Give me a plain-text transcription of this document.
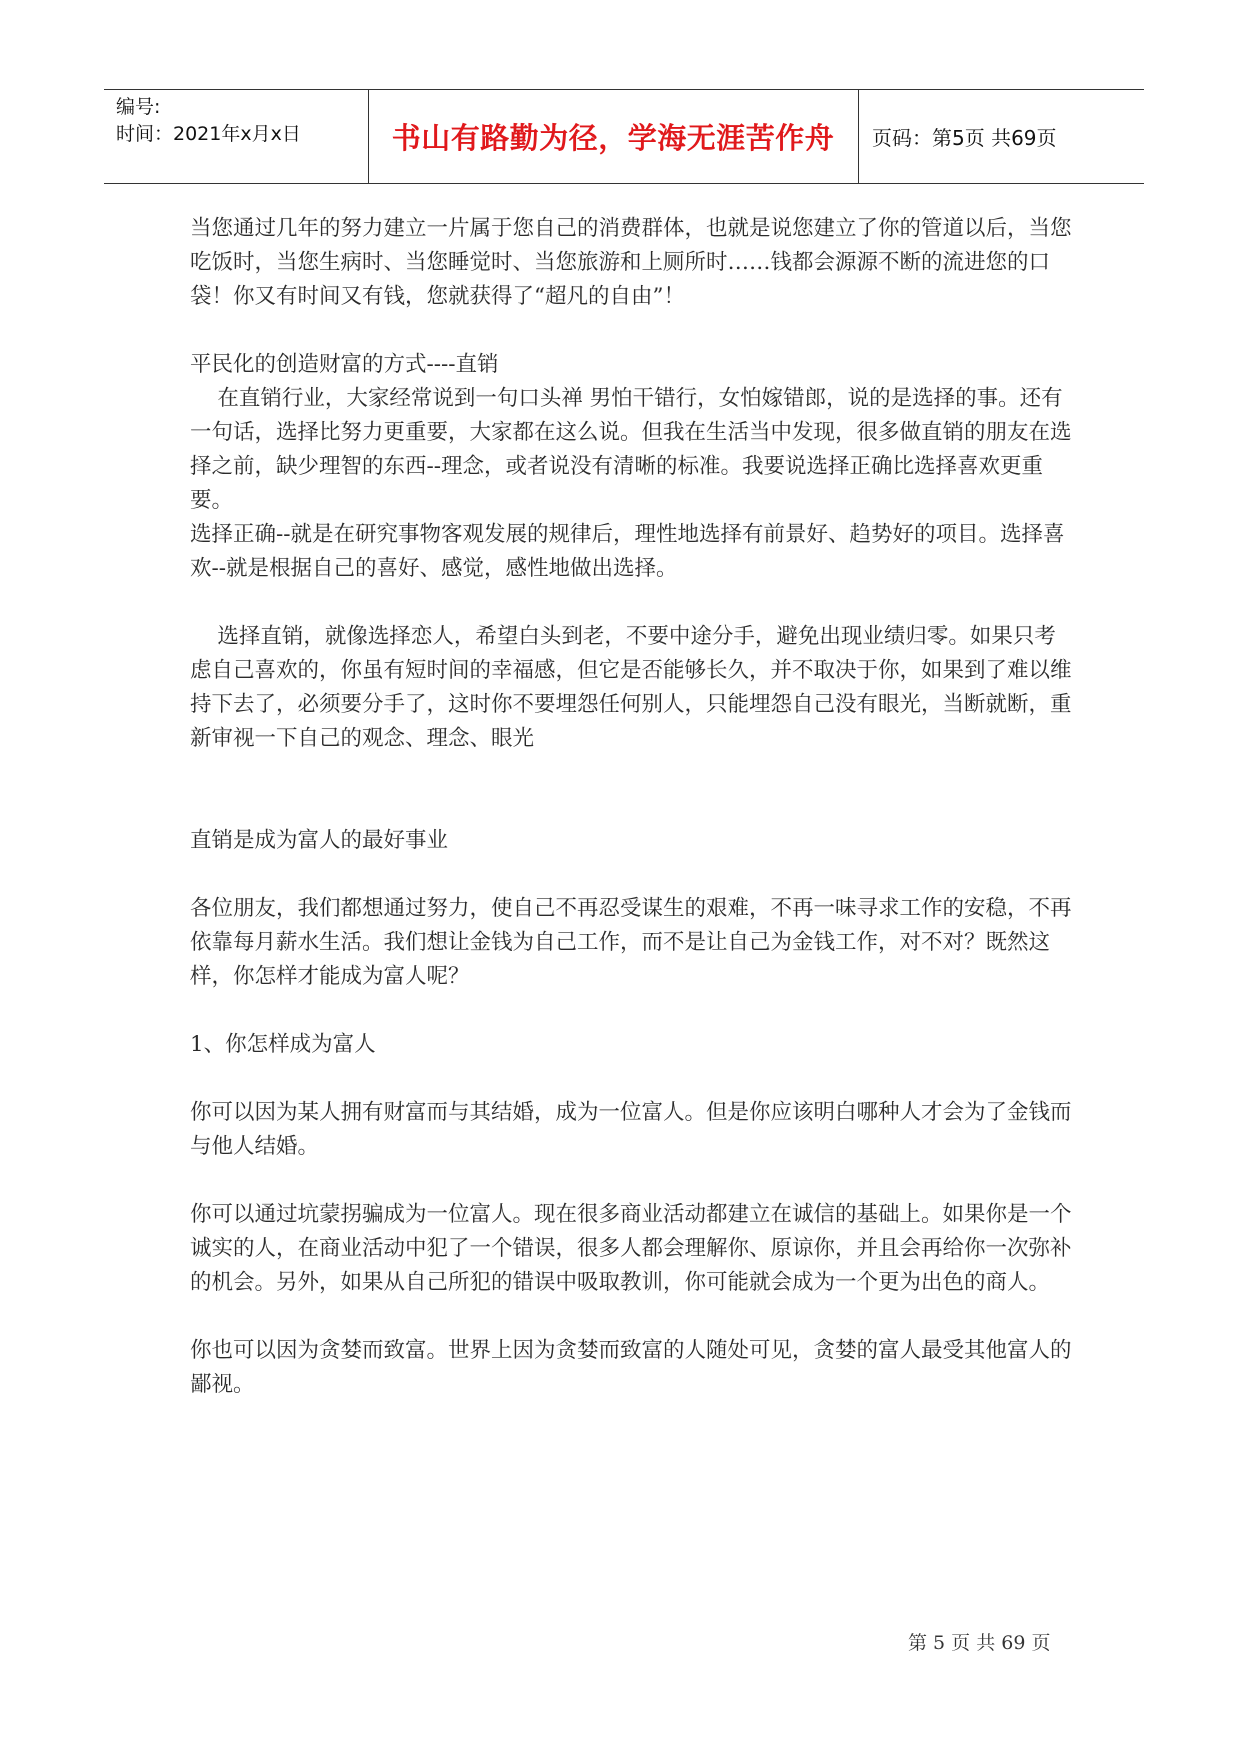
编号:
时间：2021年x月x日	书山有路勤为径，学海无涯苦作舟	页码：第5页 共69页

当您通过几年的努力建立一片属于您自己的消费群体，也就是说您建立了你的管道以后，当您吃饭时，当您生病时、当您睡觉时、当您旅游和上厕所时……钱都会源源不断的流进您的口袋！你又有时间又有钱，您就获得了“超凡的自由”！

平民化的创造财富的方式----直销

在直销行业，大家经常说到一句口头禅 男怕干错行，女怕嫁错郎，说的是选择的事。还有一句话，选择比努力更重要，大家都在这么说。但我在生活当中发现，很多做直销的朋友在选择之前，缺少理智的东西--理念，或者说没有清晰的标准。我要说选择正确比选择喜欢更重要。

选择正确--就是在研究事物客观发展的规律后，理性地选择有前景好、趋势好的项目。选择喜欢--就是根据自己的喜好、感觉，感性地做出选择。

选择直销，就像选择恋人，希望白头到老，不要中途分手，避免出现业绩归零。如果只考虑自己喜欢的，你虽有短时间的幸福感，但它是否能够长久，并不取决于你，如果到了难以维持下去了，必须要分手了，这时你不要埋怨任何别人，只能埋怨自己没有眼光，当断就断，重新审视一下自己的观念、理念、眼光

直销是成为富人的最好事业

各位朋友，我们都想通过努力，使自己不再忍受谋生的艰难，不再一味寻求工作的安稳，不再依靠每月薪水生活。我们想让金钱为自己工作，而不是让自己为金钱工作，对不对？既然这样，你怎样才能成为富人呢？

1、你怎样成为富人

你可以因为某人拥有财富而与其结婚，成为一位富人。但是你应该明白哪种人才会为了金钱而与他人结婚。

你可以通过坑蒙拐骗成为一位富人。现在很多商业活动都建立在诚信的基础上。如果你是一个诚实的人，在商业活动中犯了一个错误，很多人都会理解你、原谅你，并且会再给你一次弥补的机会。另外，如果从自己所犯的错误中吸取教训，你可能就会成为一个更为出色的商人。

你也可以因为贪婪而致富。世界上因为贪婪而致富的人随处可见，贪婪的富人最受其他富人的鄙视。

第 5 页 共 69 页
